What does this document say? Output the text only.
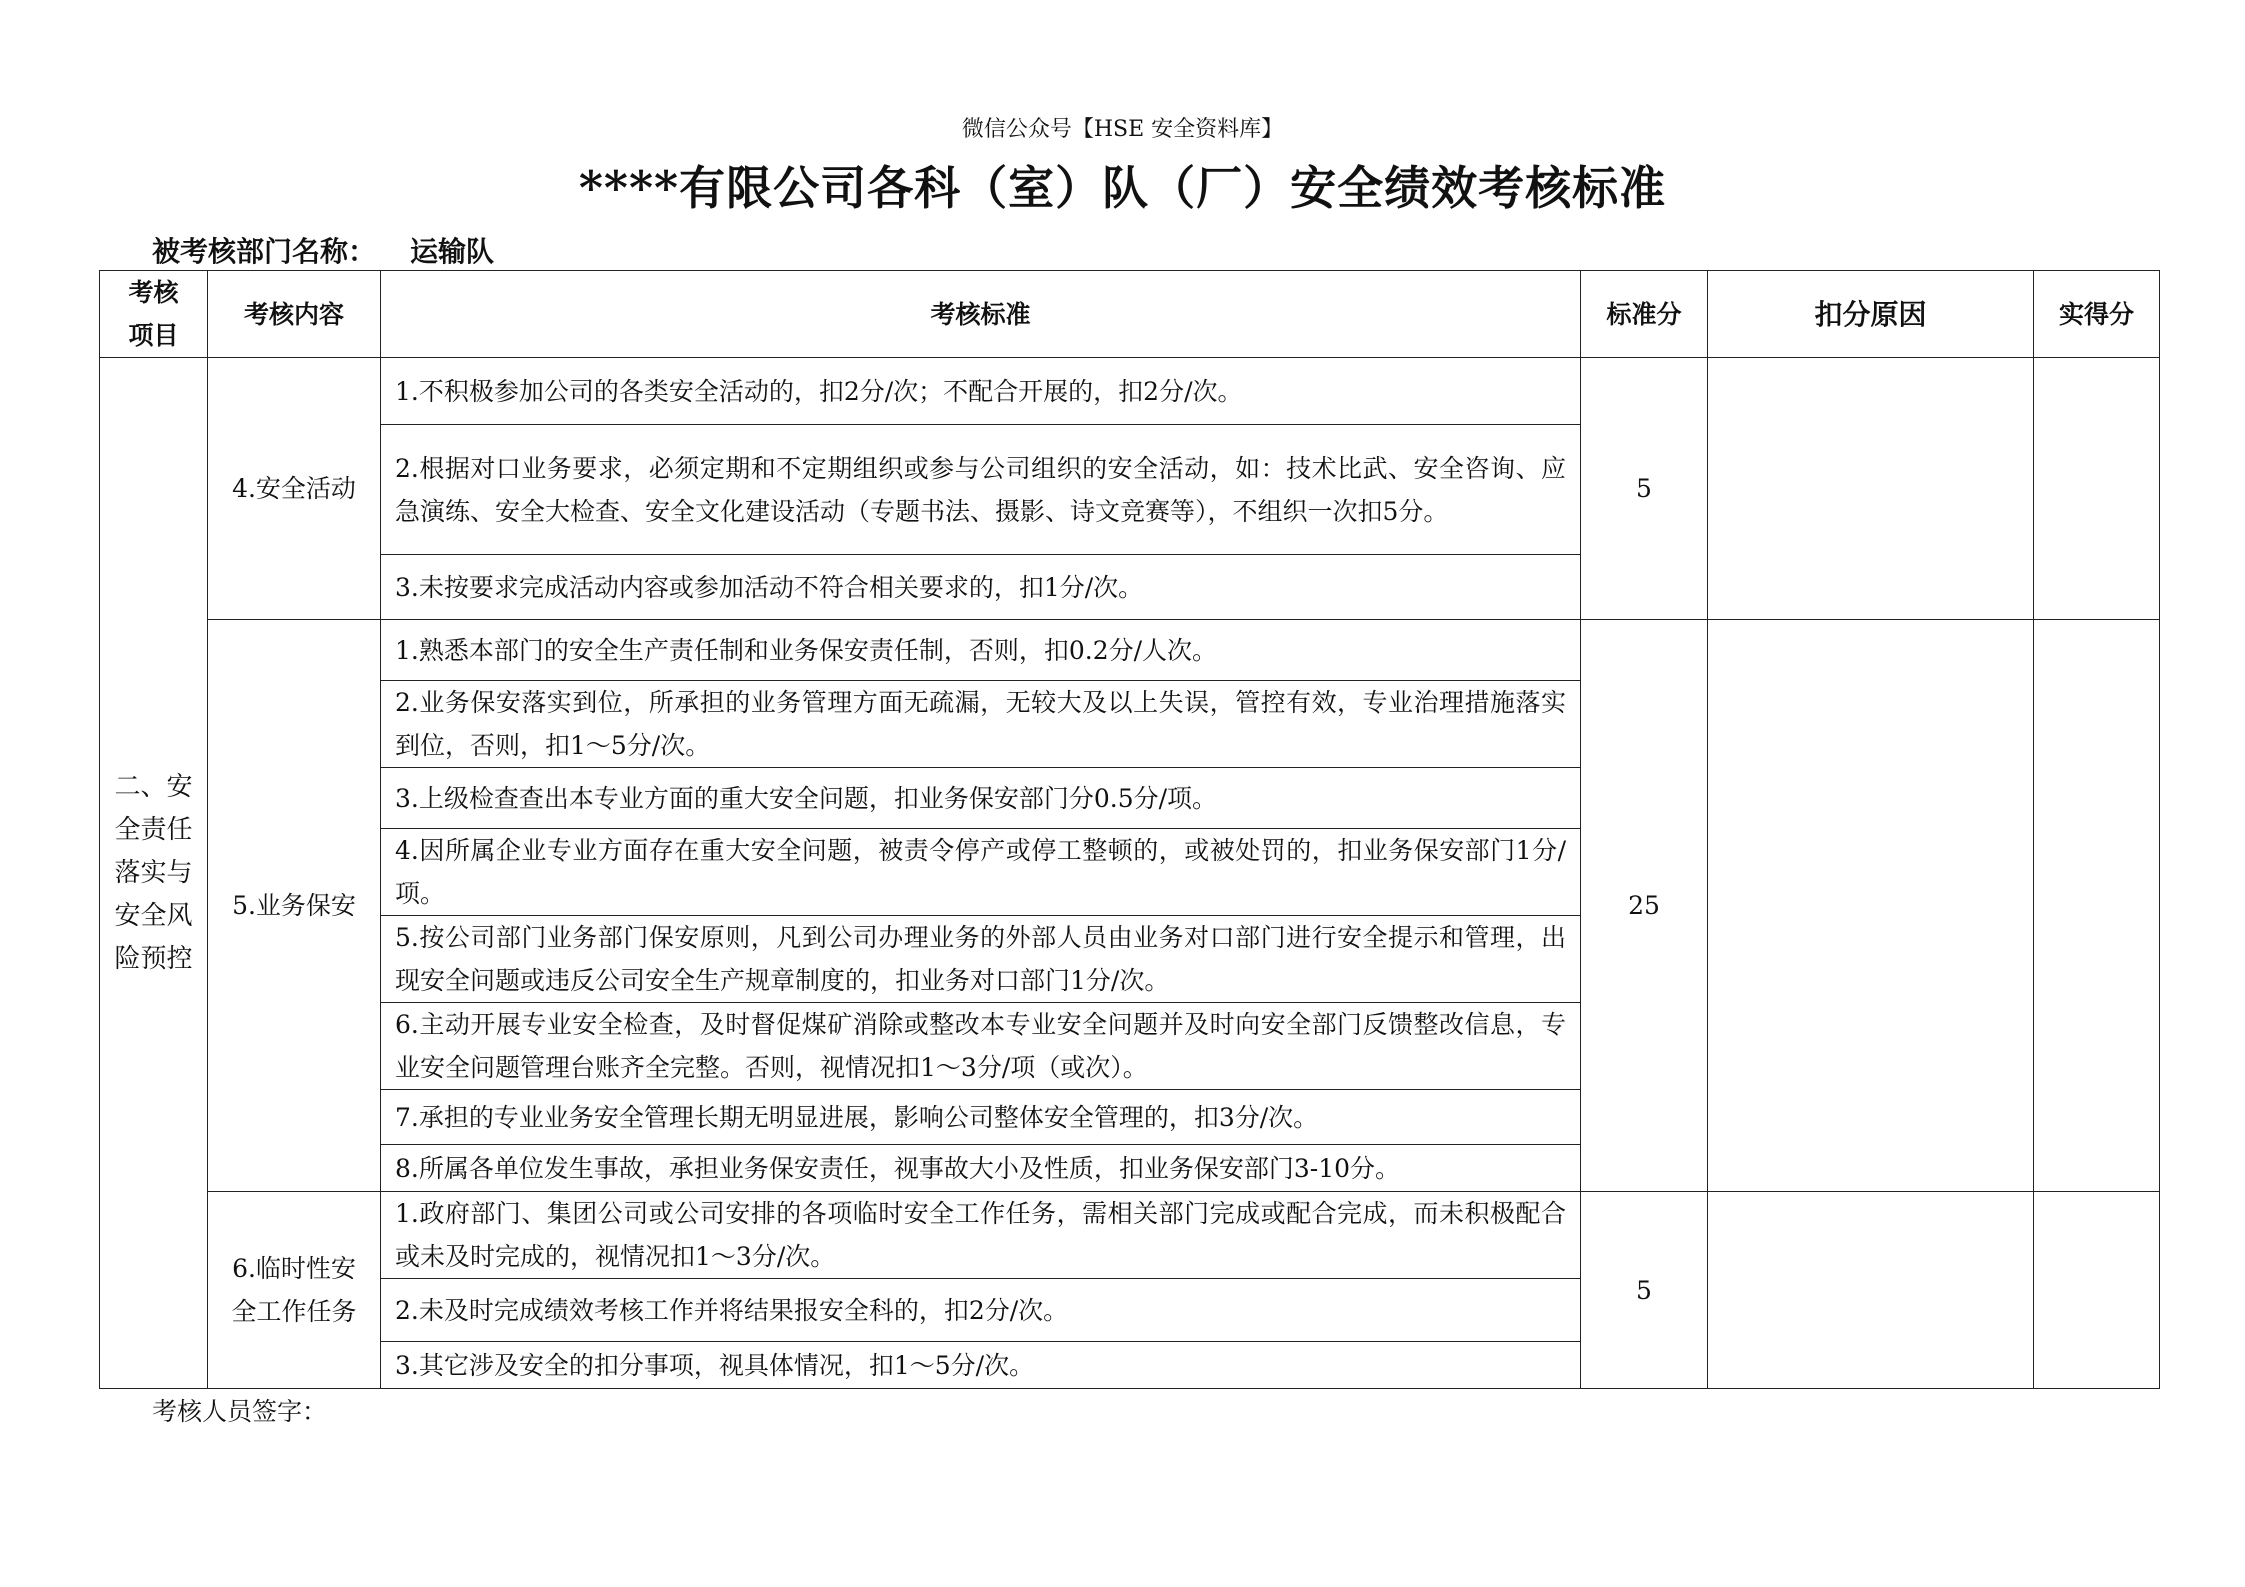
微信公众号【HSE 安全资料库】
****有限公司各科（室）队（厂）安全绩效考核标准
被考核部门名称： 运输队
考核项目	考核内容	考核标准	标准分	扣分原因	实得分
二、安全责任落实与安全风险预控	4.安全活动	1.不积极参加公司的各类安全活动的，扣2分/次；不配合开展的，扣2分/次。	5		
		2.根据对口业务要求，必须定期和不定期组织或参与公司组织的安全活动，如：技术比武、安全咨询、应急演练、安全大检查、安全文化建设活动（专题书法、摄影、诗文竞赛等），不组织一次扣5分。			
		3.未按要求完成活动内容或参加活动不符合相关要求的，扣1分/次。			
	5.业务保安	1.熟悉本部门的安全生产责任制和业务保安责任制，否则，扣0.2分/人次。	25		
		2.业务保安落实到位，所承担的业务管理方面无疏漏，无较大及以上失误，管控有效，专业治理措施落实到位，否则，扣1～5分/次。			
		3.上级检查查出本专业方面的重大安全问题，扣业务保安部门分0.5分/项。			
		4.因所属企业专业方面存在重大安全问题，被责令停产或停工整顿的，或被处罚的，扣业务保安部门1分/项。			
		5.按公司部门业务部门保安原则，凡到公司办理业务的外部人员由业务对口部门进行安全提示和管理，出现安全问题或违反公司安全生产规章制度的，扣业务对口部门1分/次。			
		6.主动开展专业安全检查，及时督促煤矿消除或整改本专业安全问题并及时向安全部门反馈整改信息，专业安全问题管理台账齐全完整。否则，视情况扣1～3分/项（或次）。			
		7.承担的专业业务安全管理长期无明显进展，影响公司整体安全管理的，扣3分/次。			
		8.所属各单位发生事故，承担业务保安责任，视事故大小及性质，扣业务保安部门3-10分。			
	6.临时性安全工作任务	1.政府部门、集团公司或公司安排的各项临时安全工作任务，需相关部门完成或配合完成，而未积极配合或未及时完成的，视情况扣1～3分/次。	5		
		2.未及时完成绩效考核工作并将结果报安全科的，扣2分/次。			
		3.其它涉及安全的扣分事项，视具体情况，扣1～5分/次。			
考核人员签字：
